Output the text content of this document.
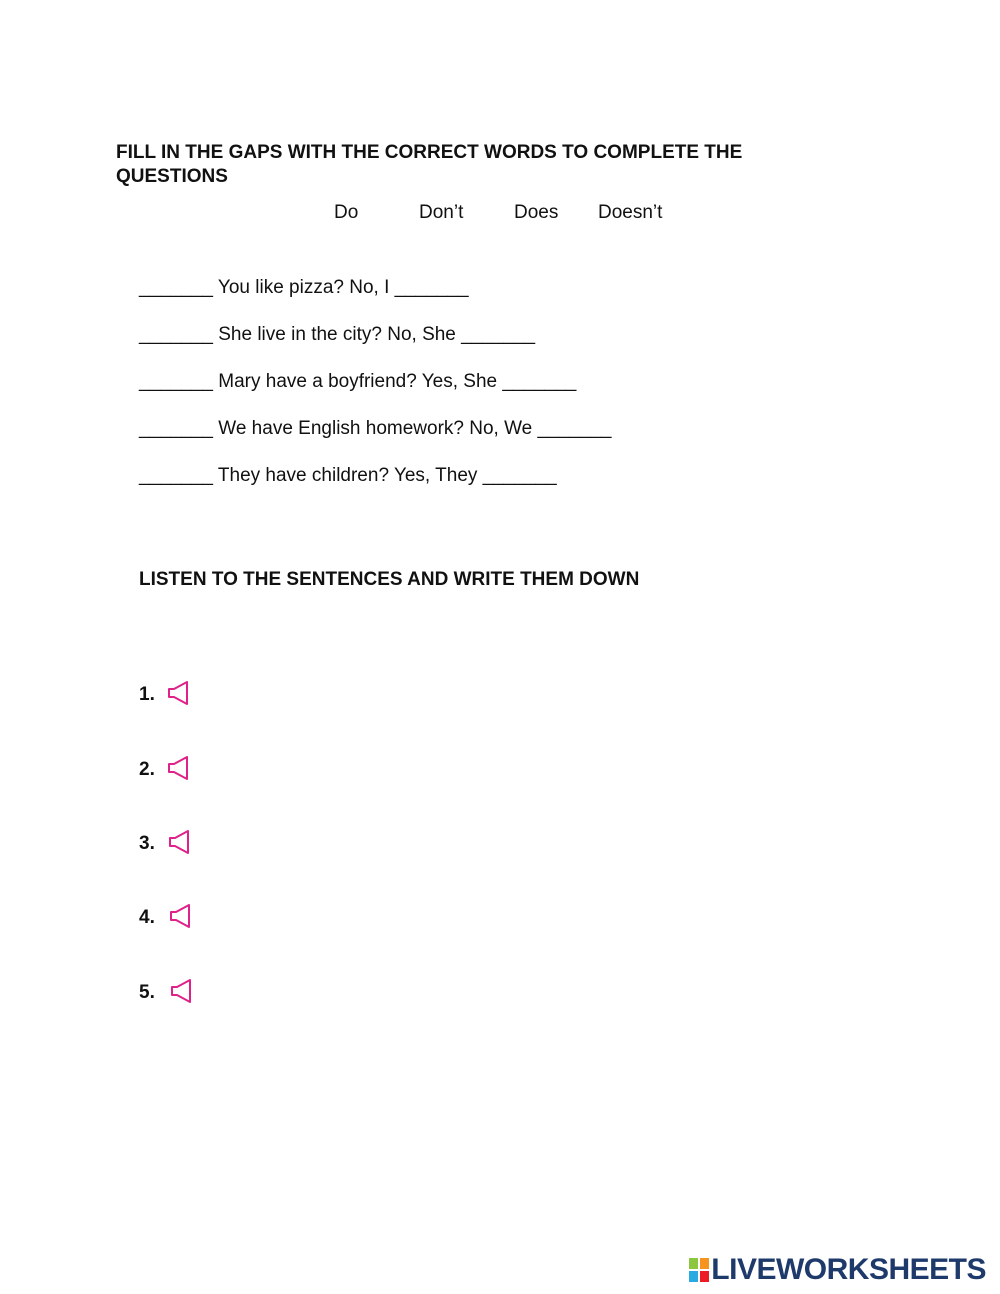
FILL IN THE GAPS WITH THE CORRECT WORDS TO COMPLETE THE QUESTIONS
Do	Don’t	Does Doesn’t
_______ You like pizza? No, I _______
_______ She live in the city? No, She _______
_______ Mary have a boyfriend? Yes, She _______
_______ We have English homework? No, We _______
_______ They have children? Yes, They _______
LISTEN TO THE SENTENCES AND WRITE THEM DOWN
1.
2.
3.
4.
5.
LIVEWORKSHEETS
